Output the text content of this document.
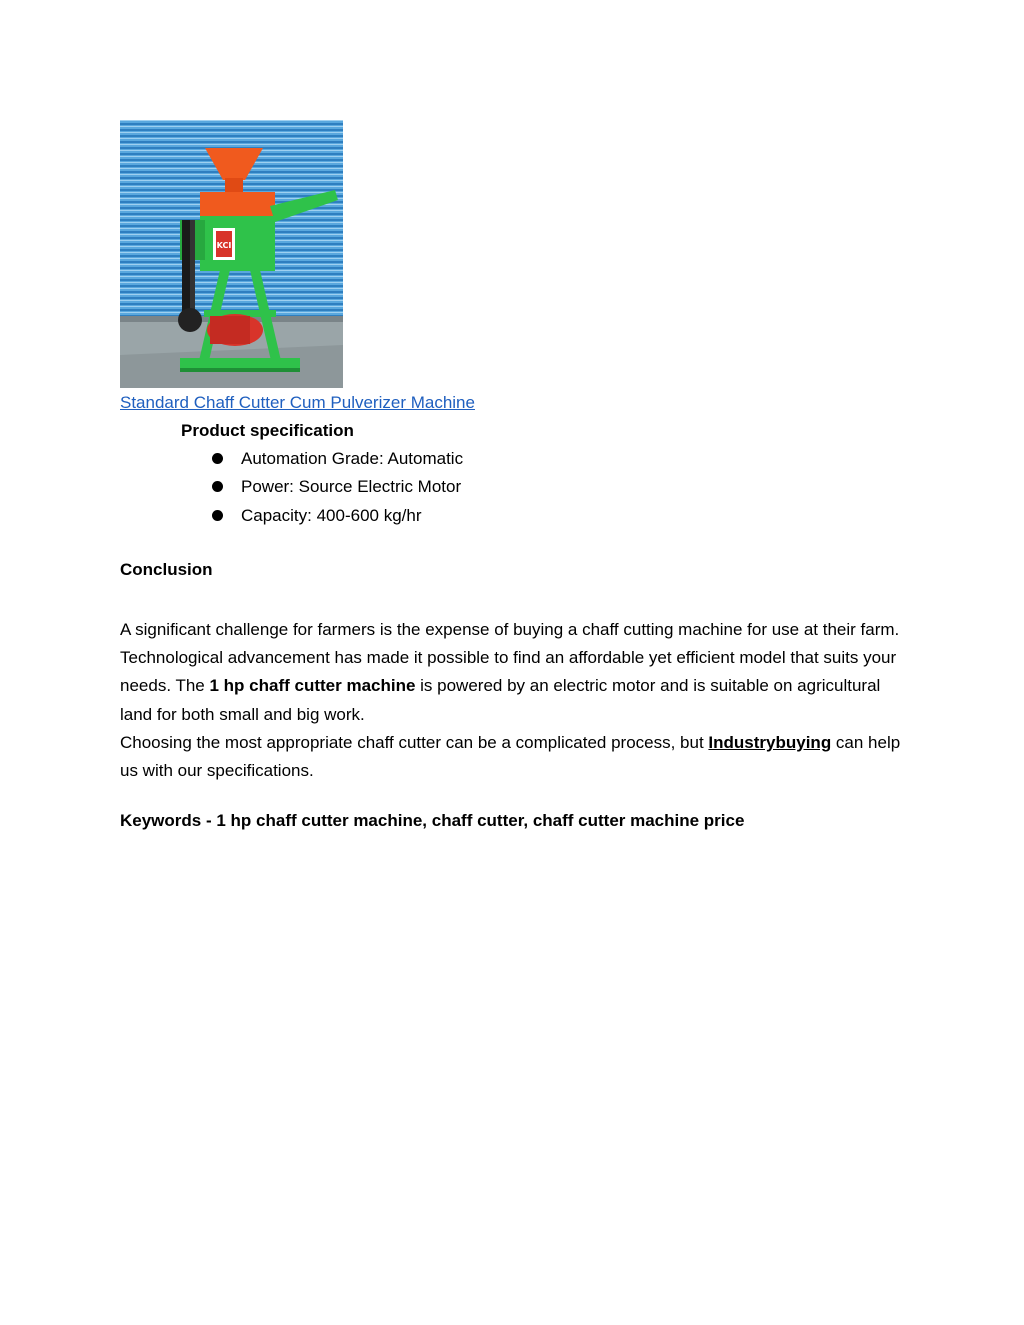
KCI
Standard Chaff Cutter Cum Pulverizer Machine
Product specification
Automation Grade: Automatic
Power: Source Electric Motor
Capacity: 400-600 kg/hr
Conclusion

A significant challenge for farmers is the expense of buying a chaff cutting machine for use at their farm. Technological advancement has made it possible to find an affordable yet efficient model that suits your needs. The 1 hp chaff cutter machine is powered by an electric motor and is suitable on agricultural land for both small and big work.

Choosing the most appropriate chaff cutter can be a complicated process, but Industrybuying can help us with our specifications.

Keywords - 1 hp chaff cutter machine, chaff cutter, chaff cutter machine price
